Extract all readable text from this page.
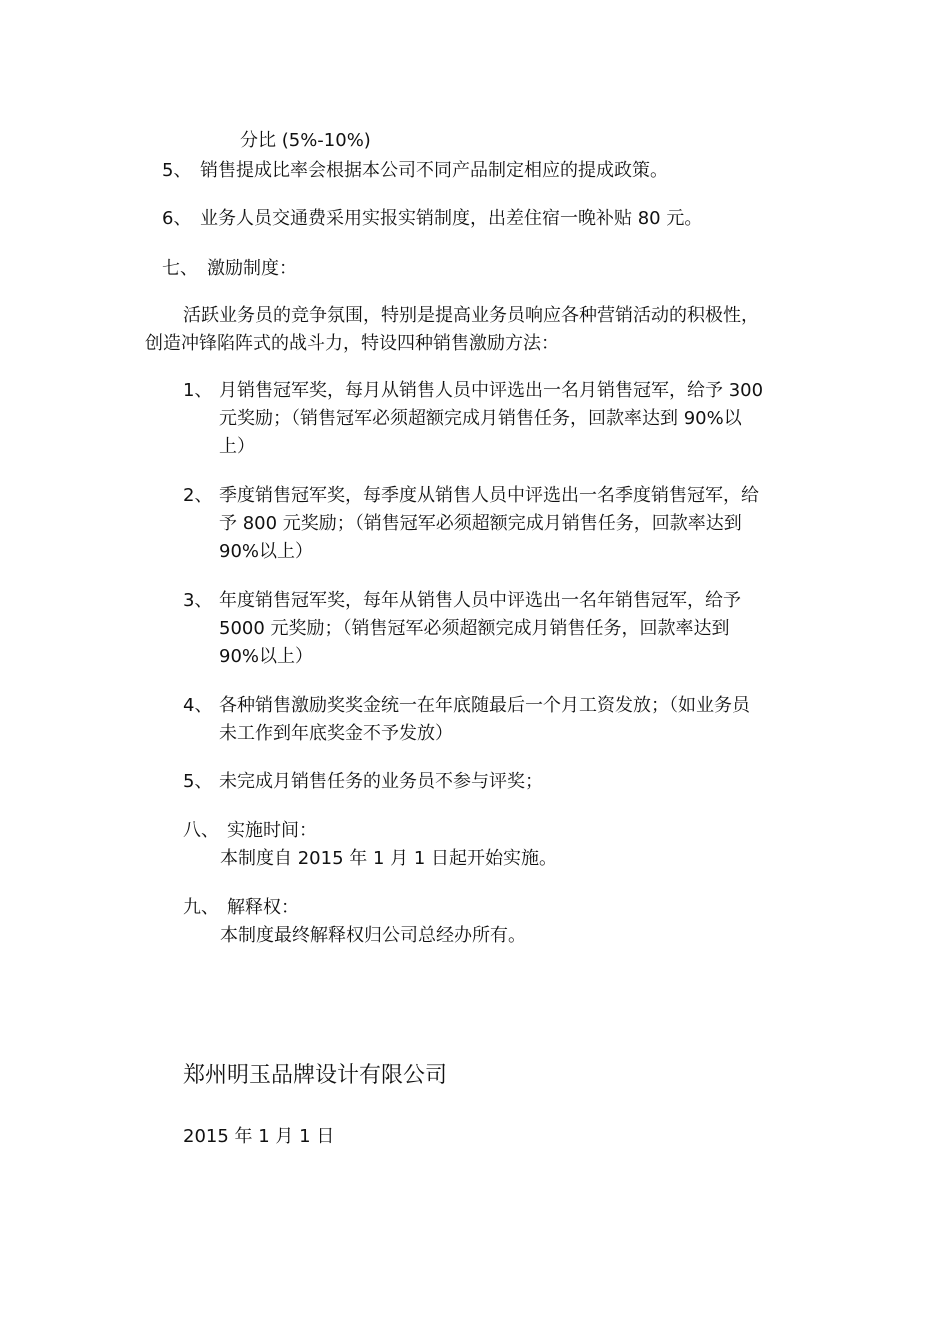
分比 (5%-10%)
5、 销售提成比率会根据本公司不同产品制定相应的提成政策。
6、 业务人员交通费采用实报实销制度，出差住宿一晚补贴 80 元。
七、 激励制度：
活跃业务员的竞争氛围，特别是提高业务员响应各种营销活动的积极性，
创造冲锋陷阵式的战斗力，特设四种销售激励方法：
1、 月销售冠军奖，每月从销售人员中评选出一名月销售冠军，给予 300
元奖励；（销售冠军必须超额完成月销售任务，回款率达到 90%以
上）
2、 季度销售冠军奖，每季度从销售人员中评选出一名季度销售冠军，给
予 800 元奖励；（销售冠军必须超额完成月销售任务，回款率达到
90%以上）
3、 年度销售冠军奖，每年从销售人员中评选出一名年销售冠军，给予
5000 元奖励；（销售冠军必须超额完成月销售任务，回款率达到
90%以上）
4、 各种销售激励奖奖金统一在年底随最后一个月工资发放；（如业务员
未工作到年底奖金不予发放）
5、 未完成月销售任务的业务员不参与评奖；
八、 实施时间：
本制度自 2015 年 1 月 1 日起开始实施。
九、 解释权：
本制度最终解释权归公司总经办所有。
郑州明玉品牌设计有限公司
2015 年 1 月 1 日
